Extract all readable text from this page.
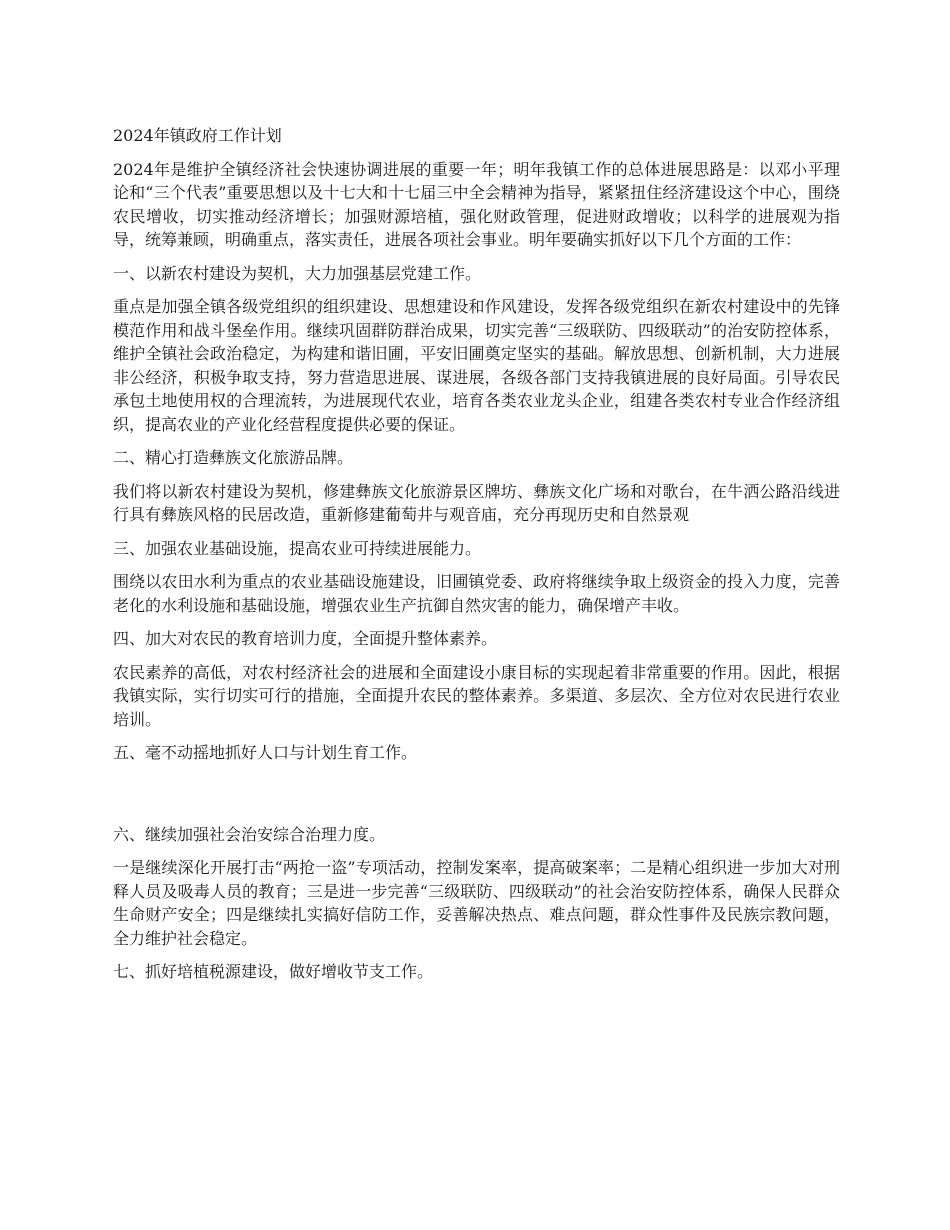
2024年镇政府工作计划
2024年是维护全镇经济社会快速协调进展的重要一年；明年我镇工作的总体进展思路是：以邓小平理论和“三个代表”重要思想以及十七大和十七届三中全会精神为指导，紧紧扭住经济建设这个中心，围绕农民增收，切实推动经济增长；加强财源培植，强化财政管理，促进财政增收；以科学的进展观为指导，统筹兼顾，明确重点，落实责任，进展各项社会事业。明年要确实抓好以下几个方面的工作：
一、以新农村建设为契机，大力加强基层党建工作。
重点是加强全镇各级党组织的组织建设、思想建设和作风建设，发挥各级党组织在新农村建设中的先锋模范作用和战斗堡垒作用。继续巩固群防群治成果，切实完善“三级联防、四级联动”的治安防控体系，维护全镇社会政治稳定，为构建和谐旧圃，平安旧圃奠定坚实的基础。解放思想、创新机制，大力进展非公经济，积极争取支持，努力营造思进展、谋进展，各级各部门支持我镇进展的良好局面。引导农民承包土地使用权的合理流转，为进展现代农业，培育各类农业龙头企业，组建各类农村专业合作经济组织，提高农业的产业化经营程度提供必要的保证。
二、精心打造彝族文化旅游品牌。
我们将以新农村建设为契机，修建彝族文化旅游景区牌坊、彝族文化广场和对歌台，在牛洒公路沿线进行具有彝族风格的民居改造，重新修建葡萄井与观音庙，充分再现历史和自然景观
三、加强农业基础设施，提高农业可持续进展能力。
围绕以农田水利为重点的农业基础设施建设，旧圃镇党委、政府将继续争取上级资金的投入力度，完善老化的水利设施和基础设施，增强农业生产抗御自然灾害的能力，确保增产丰收。
四、加大对农民的教育培训力度，全面提升整体素养。
农民素养的高低，对农村经济社会的进展和全面建设小康目标的实现起着非常重要的作用。因此，根据我镇实际，实行切实可行的措施，全面提升农民的整体素养。多渠道、多层次、全方位对农民进行农业培训。
五、毫不动摇地抓好人口与计划生育工作。
六、继续加强社会治安综合治理力度。
一是继续深化开展打击“两抢一盗”专项活动，控制发案率，提高破案率；二是精心组织进一步加大对刑释人员及吸毒人员的教育；三是进一步完善“三级联防、四级联动”的社会治安防控体系，确保人民群众生命财产安全；四是继续扎实搞好信防工作，妥善解决热点、难点问题，群众性事件及民族宗教问题，全力维护社会稳定。
七、抓好培植税源建设，做好增收节支工作。
